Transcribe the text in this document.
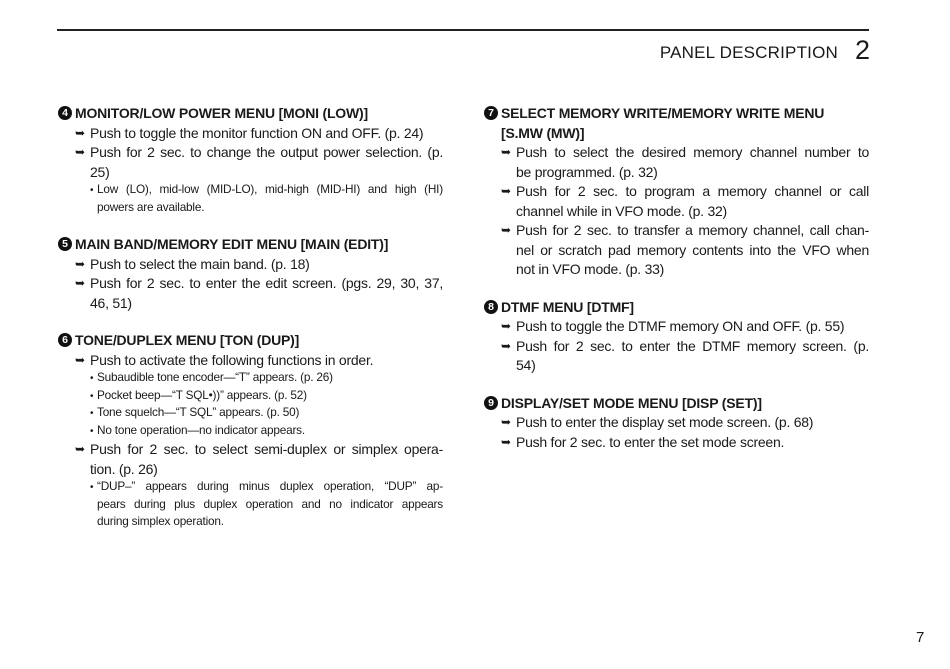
PANEL DESCRIPTION 2
7
4 MONITOR/LOW POWER MENU [MONI (LOW)]
➥ Push to toggle the monitor function ON and OFF. (p. 24)
➥ Push for 2 sec. to change the output power selection. (p.
25)
• Low (LO), mid-low (MID-LO), mid-high (MID-HI) and high (HI)
powers are available.
5 MAIN BAND/MEMORY EDIT MENU [MAIN (EDIT)]
➥ Push to select the main band. (p. 18)
➥ Push for 2 sec. to enter the edit screen. (pgs. 29, 30, 37,
46, 51)
6 TONE/DUPLEX MENU [TON (DUP)]
➥ Push to activate the following functions in order.
• Subaudible tone encoder—“T” appears. (p. 26)
• Pocket beep—“T SQL•))” appears. (p. 52)
• Tone squelch—“T SQL” appears. (p. 50)
• No tone operation—no indicator appears.
➥ Push for 2 sec. to select semi-duplex or simplex opera-
tion. (p. 26)
• “DUP–” appears during minus duplex operation, “DUP” ap-
pears during plus duplex operation and no indicator appears
during simplex operation.
7 SELECT MEMORY WRITE/MEMORY WRITE MENU
[S.MW (MW)]
➥ Push to select the desired memory channel number to
be programmed. (p. 32)
➥ Push for 2 sec. to program a memory channel or call
channel while in VFO mode. (p. 32)
➥ Push for 2 sec. to transfer a memory channel, call chan-
nel or scratch pad memory contents into the VFO when
not in VFO mode. (p. 33)
8 DTMF MENU [DTMF]
➥ Push to toggle the DTMF memory ON and OFF. (p. 55)
➥ Push for 2 sec. to enter the DTMF memory screen. (p.
54)
9 DISPLAY/SET MODE MENU [DISP (SET)]
➥ Push to enter the display set mode screen. (p. 68)
➥ Push for 2 sec. to enter the set mode screen.
